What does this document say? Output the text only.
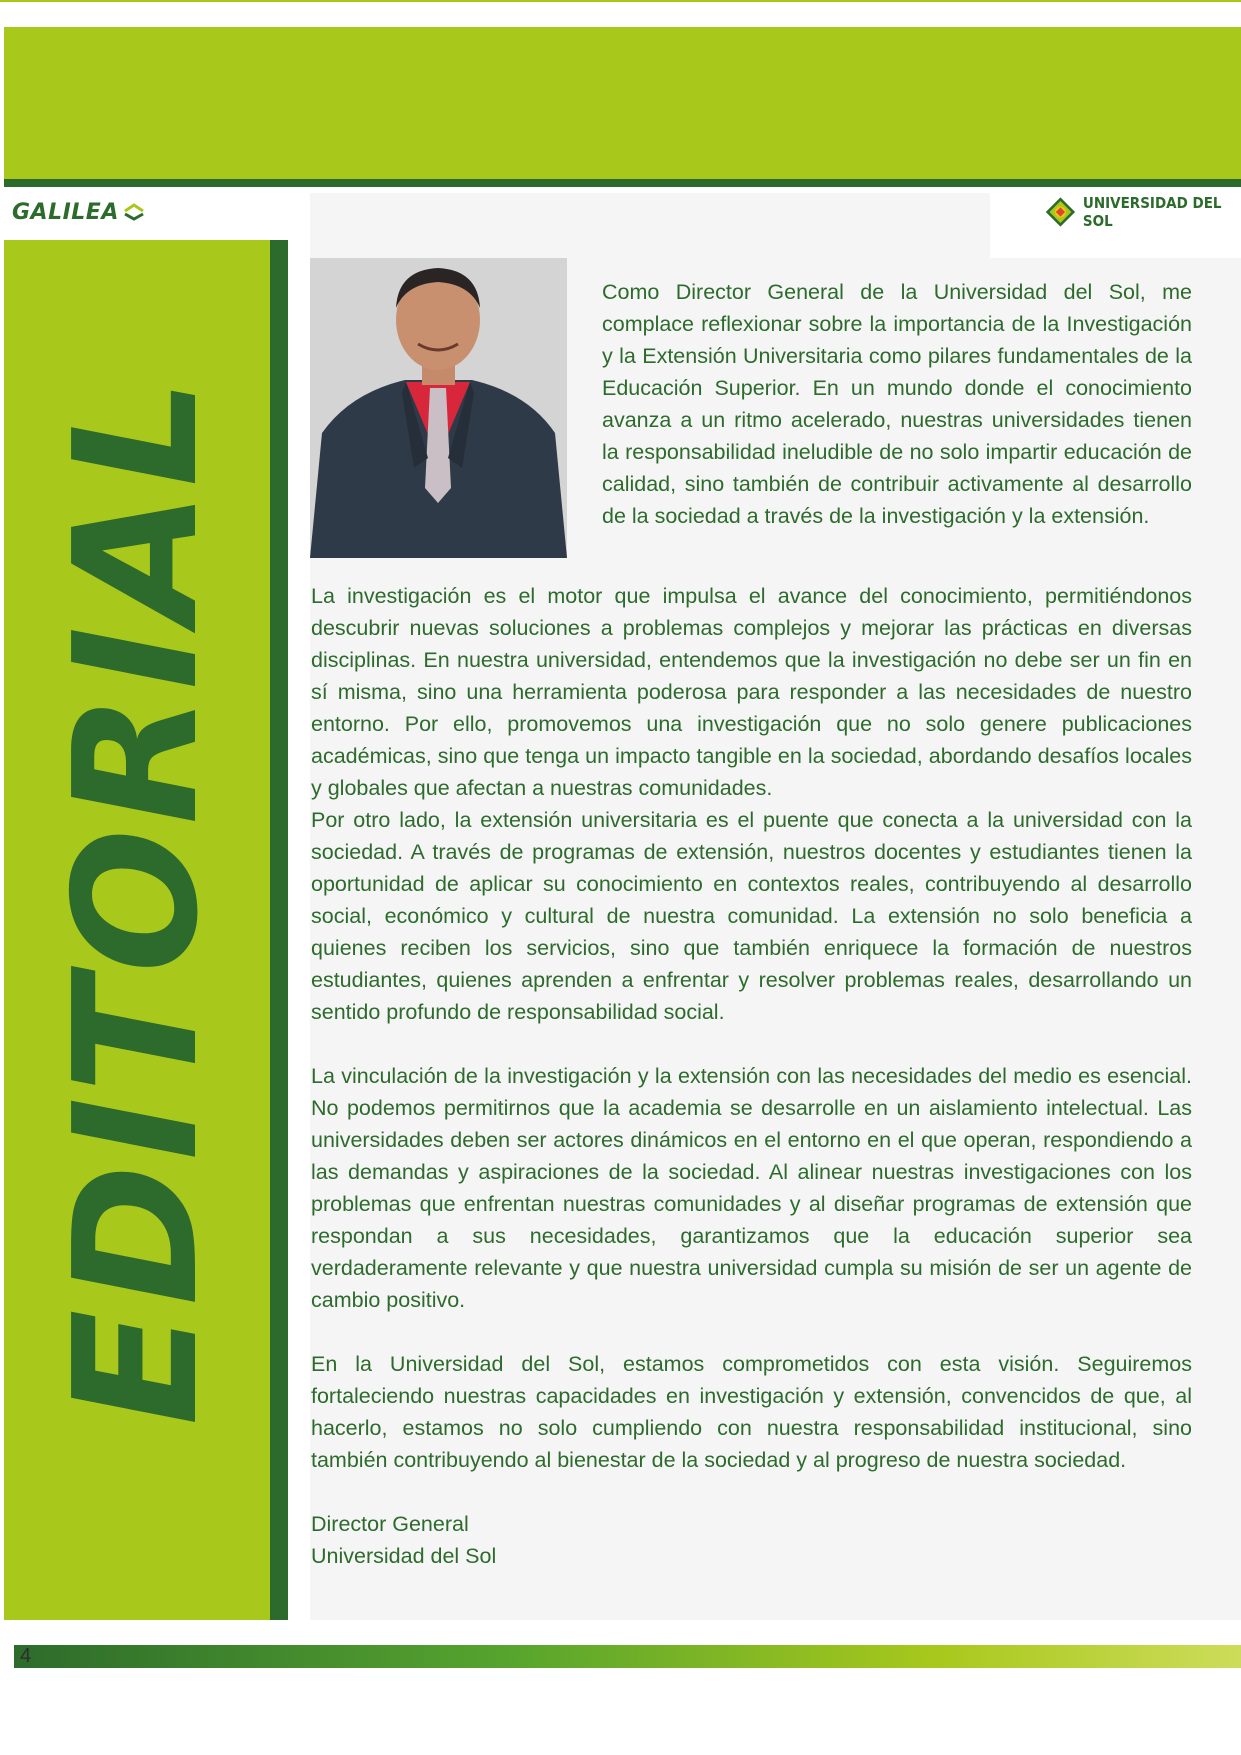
GALILEA	UNIVERSIDAD DEL SOL
EDITORIAL
Como Director General de la Universidad del Sol, me complace reflexionar sobre la importancia de la Investigación y la Extensión Universitaria como pilares fundamentales de la Educación Superior. En un mundo donde el conocimiento avanza a un ritmo acelerado, nuestras universidades tienen la responsabilidad ineludible de no solo impartir educación de calidad, sino también de contribuir activamente al desarrollo de la sociedad a través de la investigación y la extensión.

La investigación es el motor que impulsa el avance del conocimiento, permitiéndonos descubrir nuevas soluciones a problemas complejos y mejorar las prácticas en diversas disciplinas. En nuestra universidad, entendemos que la investigación no debe ser un fin en sí misma, sino una herramienta poderosa para responder a las necesidades de nuestro entorno. Por ello, promovemos una investigación que no solo genere publicaciones académicas, sino que tenga un impacto tangible en la sociedad, abordando desafíos locales y globales que afectan a nuestras comunidades.

Por otro lado, la extensión universitaria es el puente que conecta a la universidad con la sociedad. A través de programas de extensión, nuestros docentes y estudiantes tienen la oportunidad de aplicar su conocimiento en contextos reales, contribuyendo al desarrollo social, económico y cultural de nuestra comunidad. La extensión no solo beneficia a quienes reciben los servicios, sino que también enriquece la formación de nuestros estudiantes, quienes aprenden a enfrentar y resolver problemas reales, desarrollando un sentido profundo de responsabilidad social.

La vinculación de la investigación y la extensión con las necesidades del medio es esencial. No podemos permitirnos que la academia se desarrolle en un aislamiento intelectual. Las universidades deben ser actores dinámicos en el entorno en el que operan, respondiendo a las demandas y aspiraciones de la sociedad. Al alinear nuestras investigaciones con los problemas que enfrentan nuestras comunidades y al diseñar programas de extensión que respondan a sus necesidades, garantizamos que la educación superior sea verdaderamente relevante y que nuestra universidad cumpla su misión de ser un agente de cambio positivo.

En la Universidad del Sol, estamos comprometidos con esta visión. Seguiremos fortaleciendo nuestras capacidades en investigación y extensión, convencidos de que, al hacerlo, estamos no solo cumpliendo con nuestra responsabilidad institucional, sino también contribuyendo al bienestar de la sociedad y al progreso de nuestra sociedad.

Director General

Universidad del Sol

4
